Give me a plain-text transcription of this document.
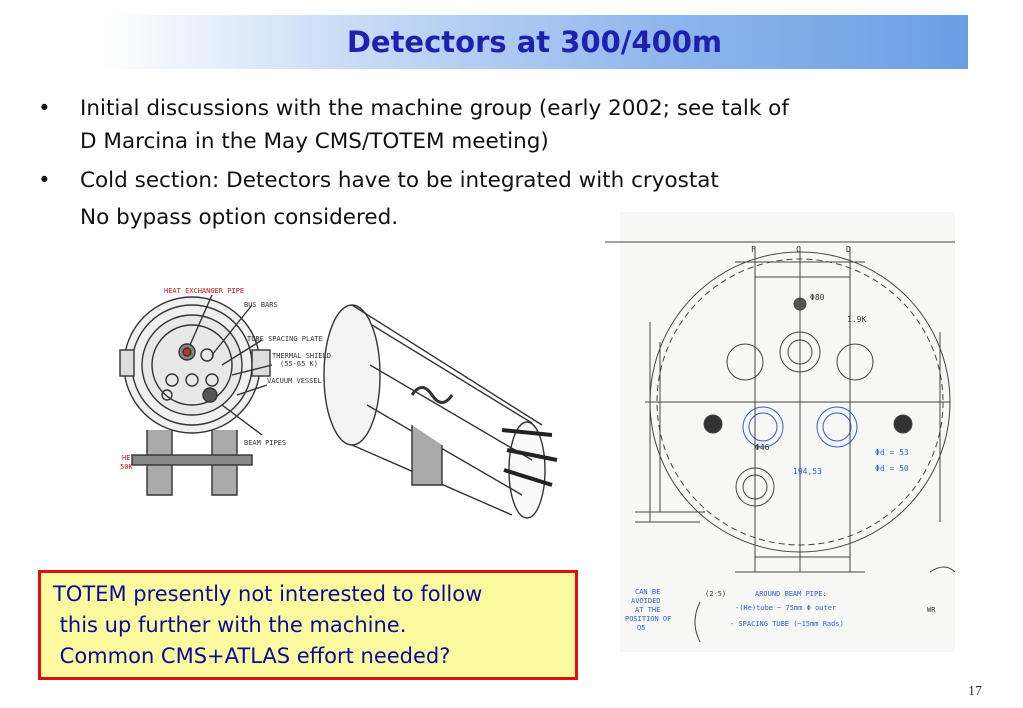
Detectors at 300/400m
• Initial discussions with the machine group (early 2002; see talk of
D Marcina in the May CMS/TOTEM meeting)
• Cold section: Detectors have to be integrated with cryostat
No bypass option considered.
HEAT EXCHANGER PIPE
BUS BARS
TUBE SPACING PLATE
THERMAL SHIELD
(55-65 K)
VACUUM VESSEL
BEAM PIPES
HE
50K
F	C	D
Φ80
1.9K
Φ46
194,53
Φd = 53
Φd = 50
CAN BE
AVOIDED
AT THE
POSITION OF
Q5
(2-5)	AROUND BEAM PIPE:
-(He)tube ~ 75mm Φ outer
- SPACING TUBE (~15mm Rads)
WR
TOTEM presently not interested to follow
this up further with the machine.
Common CMS+ATLAS effort needed?
17
